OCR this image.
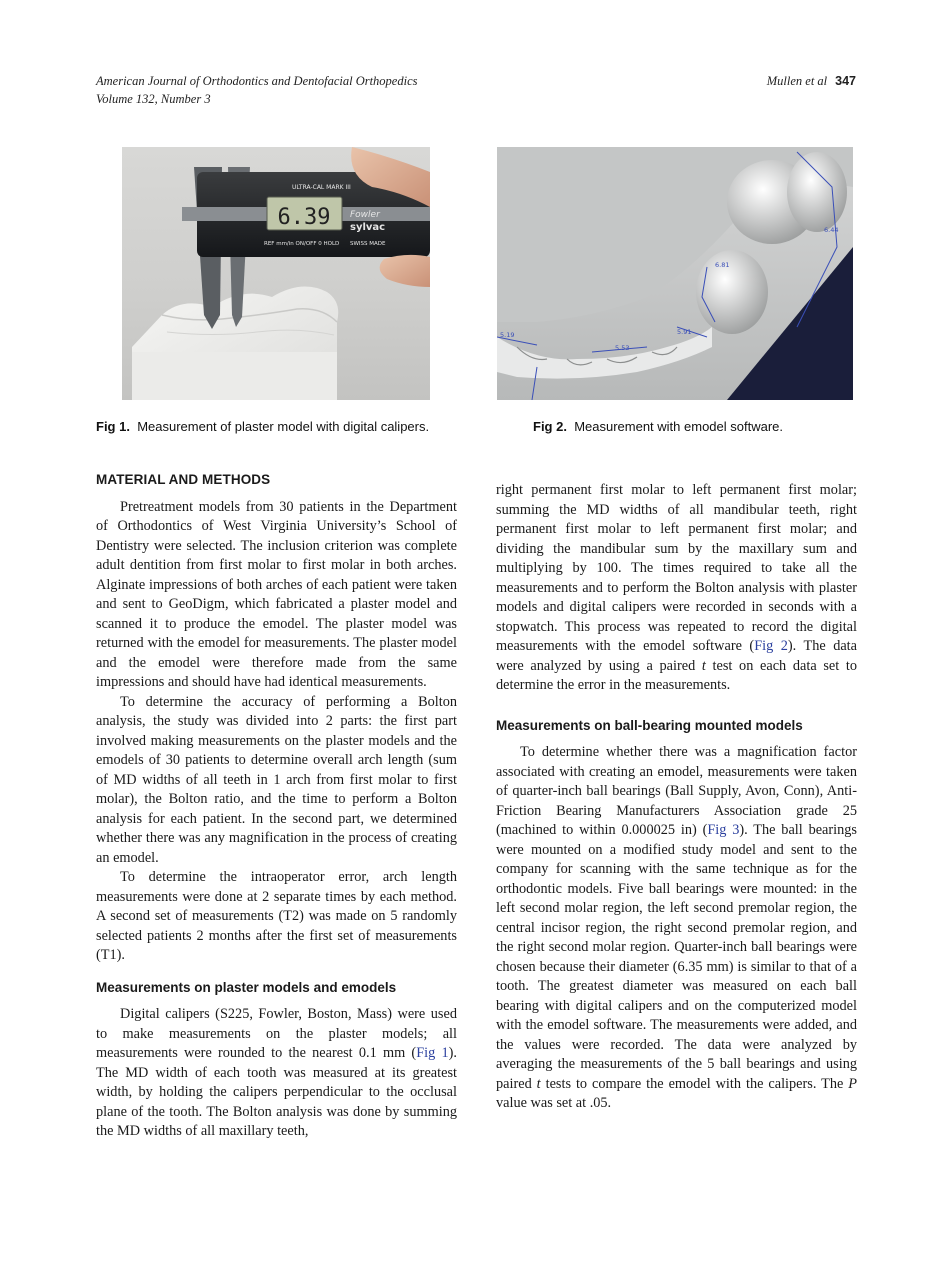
American Journal of Orthodontics and Dentofacial Orthopedics
Volume 132, Number 3
Mullen et al 347
6.39
ULTRA-CAL MARK III
Fowler
sylvac
REF mm/in ON/OFF 0 HOLD SWISS MADE
Fig 1. Measurement of plaster model with digital calipers.
6.44
6.81
5.91
5.53
5.19
Fig 2. Measurement with emodel software.
MATERIAL AND METHODS

Pretreatment models from 30 patients in the Department of Orthodontics of West Virginia University’s School of Dentistry were selected. The inclusion criterion was complete adult dentition from first molar to first molar in both arches. Alginate impressions of both arches of each patient were taken and sent to GeoDigm, which fabricated a plaster model and scanned it to produce the emodel. The plaster model was returned with the emodel for measurements. The plaster model and the emodel were therefore made from the same impressions and should have had identical measurements.

To determine the accuracy of performing a Bolton analysis, the study was divided into 2 parts: the first part involved making measurements on the plaster models and the emodels of 30 patients to determine overall arch length (sum of MD widths of all teeth in 1 arch from first molar to first molar), the Bolton ratio, and the time to perform a Bolton analysis for each patient. In the second part, we determined whether there was any magnification in the process of creating an emodel.

To determine the intraoperator error, arch length measurements were done at 2 separate times by each method. A second set of measurements (T2) was made on 5 randomly selected patients 2 months after the first set of measurements (T1).

Measurements on plaster models and emodels

Digital calipers (S225, Fowler, Boston, Mass) were used to make measurements on the plaster models; all measurements were rounded to the nearest 0.1 mm (Fig 1). The MD width of each tooth was measured at its greatest width, by holding the calipers perpendicular to the occlusal plane of the tooth. The Bolton analysis was done by summing the MD widths of all maxillary teeth,

right permanent first molar to left permanent first molar; summing the MD widths of all mandibular teeth, right permanent first molar to left permanent first molar; and dividing the mandibular sum by the maxillary sum and multiplying by 100. The times required to take all the measurements and to perform the Bolton analysis with plaster models and digital calipers were recorded in seconds with a stopwatch. This process was repeated to record the digital measurements with the emodel software (Fig 2). The data were analyzed by using a paired t test on each data set to determine the error in the measurements.

Measurements on ball-bearing mounted models

To determine whether there was a magnification factor associated with creating an emodel, measurements were taken of quarter-inch ball bearings (Ball Supply, Avon, Conn), Anti-Friction Bearing Manufacturers Association grade 25 (machined to within 0.000025 in) (Fig 3). The ball bearings were mounted on a modified study model and sent to the company for scanning with the same technique as for the orthodontic models. Five ball bearings were mounted: in the left second molar region, the left second premolar region, the central incisor region, the right second premolar region, and the right second molar region. Quarter-inch ball bearings were chosen because their diameter (6.35 mm) is similar to that of a tooth. The greatest diameter was measured on each ball bearing with digital calipers and on the computerized model with the emodel software. The measurements were added, and the values were recorded. The data were analyzed by averaging the measurements of the 5 ball bearings and using paired t tests to compare the emodel with the calipers. The P value was set at .05.
